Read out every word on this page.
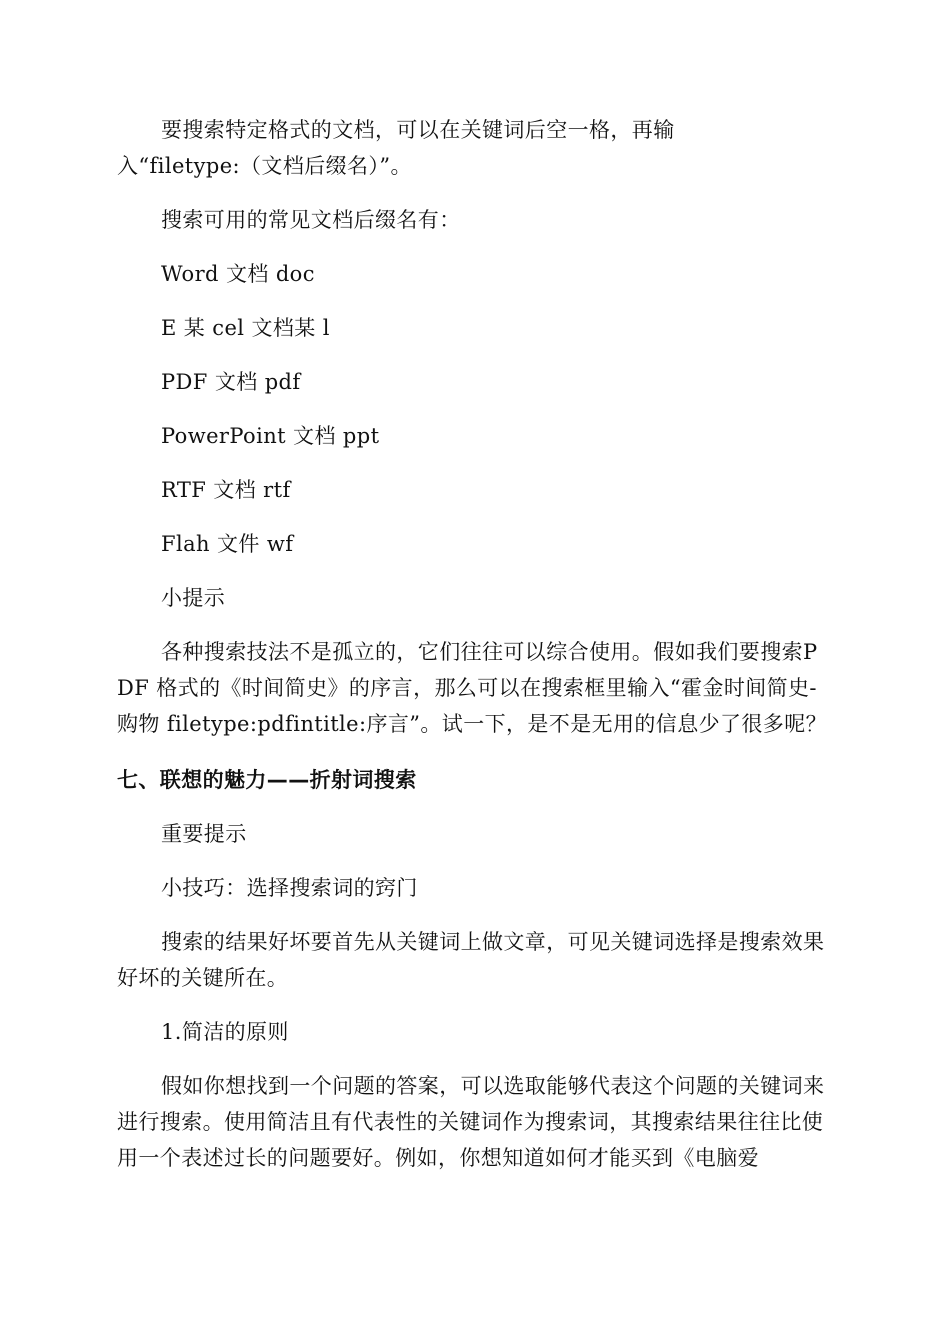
要搜索特定格式的文档，可以在关键词后空一格，再输

入“filetype:（文档后缀名）”。

搜索可用的常见文档后缀名有：

Word 文档 doc

E 某 cel 文档某 l

PDF 文档 pdf

PowerPoint 文档 ppt

RTF 文档 rtf

Flah 文件 wf

小提示

各种搜索技法不是孤立的，它们往往可以综合使用。假如我们要搜索PDF 格式的《时间简史》的序言，那么可以在搜索框里输入“霍金时间简史-购物 filetype:pdfintitle:序言”。试一下，是不是无用的信息少了很多呢？

七、联想的魅力——折射词搜索

重要提示

小技巧：选择搜索词的窍门

搜索的结果好坏要首先从关键词上做文章，可见关键词选择是搜索效果好坏的关键所在。

1.简洁的原则

假如你想找到一个问题的答案，可以选取能够代表这个问题的关键词来进行搜索。使用简洁且有代表性的关键词作为搜索词，其搜索结果往往比使用一个表述过长的问题要好。例如，你想知道如何才能买到《电脑爱
